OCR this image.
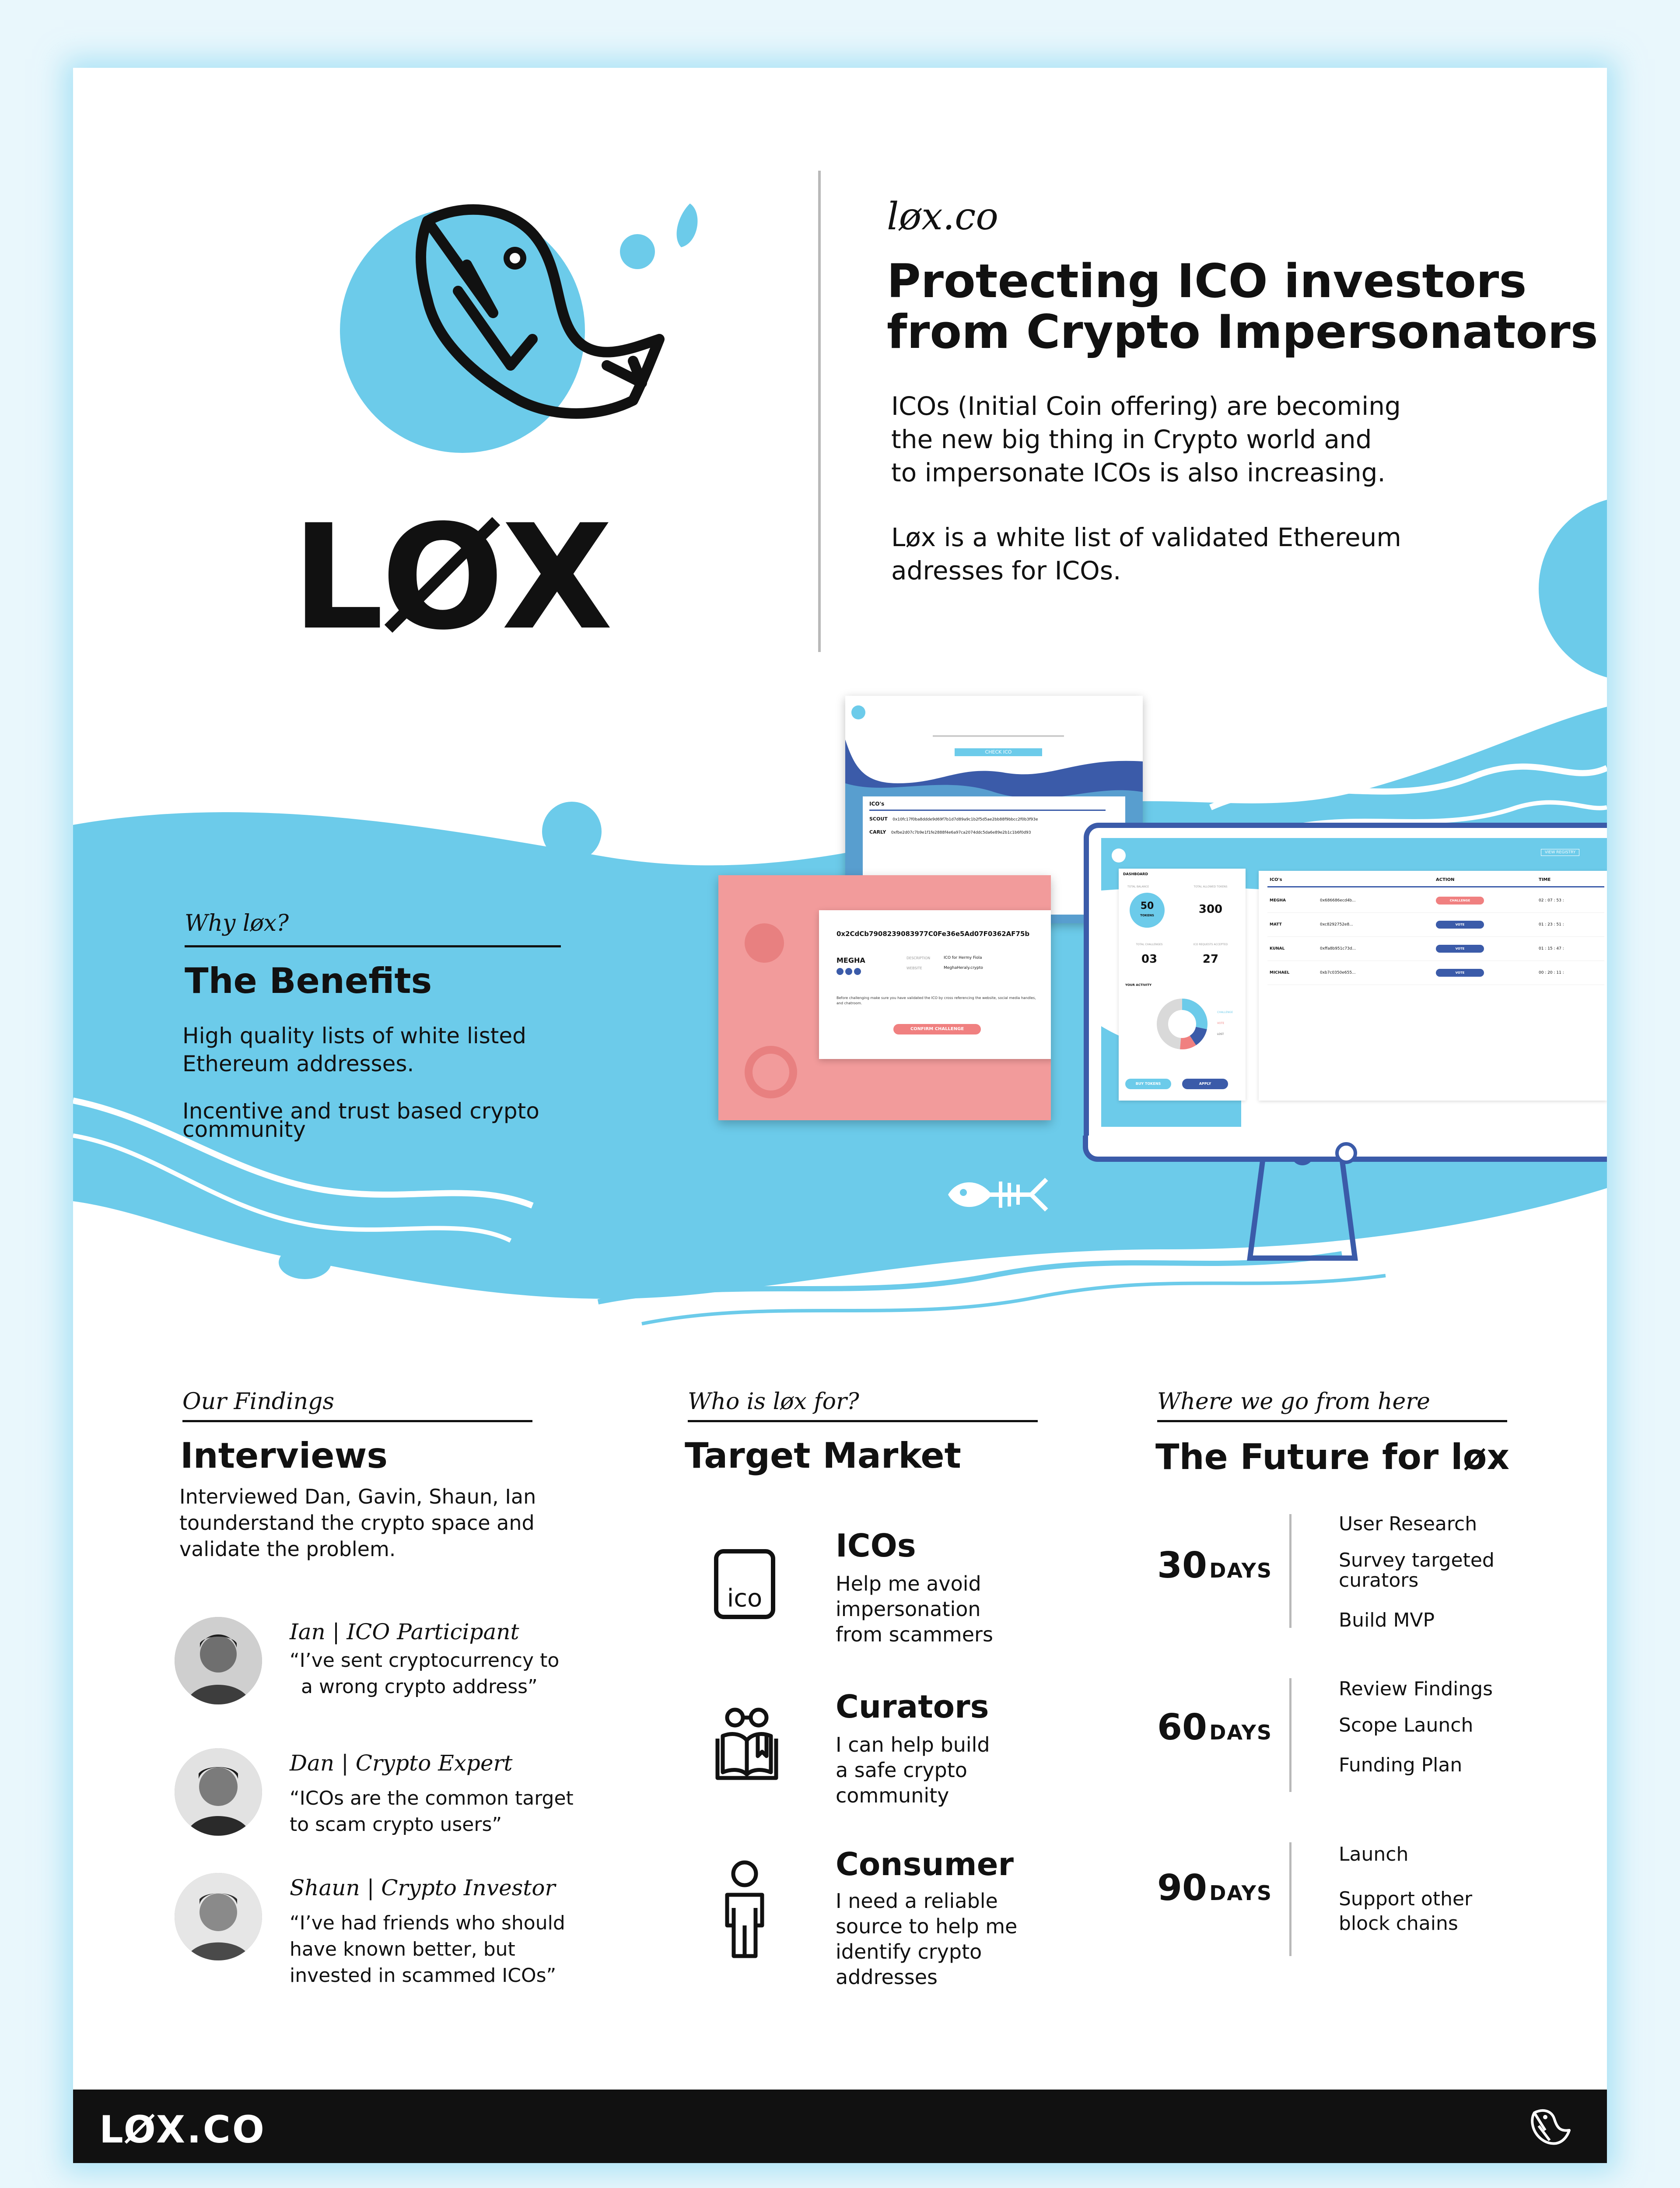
LØX
løx.co
Protecting ICO investors
from Crypto Impersonators
ICOs (Initial Coin offering) are becoming
the new big thing in Crypto world and
to impersonate ICOs is also increasing.
Løx is a white list of validated Ethereum
adresses for ICOs.
Why løx?
The Benefits
High quality lists of white listed
Ethereum addresses.
Incentive and trust based crypto
community
CHECK ICO
ICO's
SCOUT 0x10fc17f0ba8ddde9d69f7b1d7d89a9c1b2f5d5ae2bb88f9bbcc2f0b3f93e
CARLY 0xfbe2d07c7b9e1f1fe2888f4e6a97ca2074ddc5da6e89e2b1c1b6f0d93
0x2CdCb7908239083977C0Fe36e5Ad07F0362AF75b
MEGHA	DESCRIPTION	ICO for Hermy Fiola
WEBSITE	MeghaHeraly.crypto
Before challenging make sure you have validated the ICO by cross referencing the website, social media handles, and chatroom.
CONFIRM CHALLENGE
VIEW REGISTRY
DASHBOARD
TOTAL BALANCE
50
TOKENS
TOTAL ALLOWED TOKENS
300
TOTAL CHALLENGES
03
ICO REQUESTS ACCEPTED
27
YOUR ACTIVITY
CHALLENGE
VOTE
LOST
BUY TOKENS	APPLY
ICO's	ACTION	TIME
MEGHA	0x686686ecd4b...	CHALLENGE	02 : 07 : 53 :
MATT	0xc8292752e8...	VOTE	01 : 23 : 51 :
KUNAL	0xffa8b951c73d...	VOTE	01 : 15 : 47 :
MICHAEL	0xb7c0350e655...	VOTE	00 : 20 : 11 :
Our Findings
Interviews
Interviewed Dan, Gavin, Shaun, Ian
tounderstand the crypto space and
validate the problem.
Ian | ICO Participant
“I’ve sent cryptocurrency to
a wrong crypto address”
Dan | Crypto Expert
“ICOs are the common target
to scam crypto users”
Shaun | Crypto Investor
“I’ve had friends who should
have known better, but
invested in scammed ICOs”
Who is løx for?
Target Market
ico
ICOs
Help me avoid
impersonation
from scammers
Curators
I can help build
a safe crypto
community
Consumer
I need a reliable
source to help me
identify crypto
addresses
Where we go from here
The Future for løx
30 DAYS
User Research
Survey targeted
curators
Build MVP
60 DAYS
Review Findings
Scope Launch
Funding Plan
90 DAYS
Launch
Support other
block chains
LØX.CO
